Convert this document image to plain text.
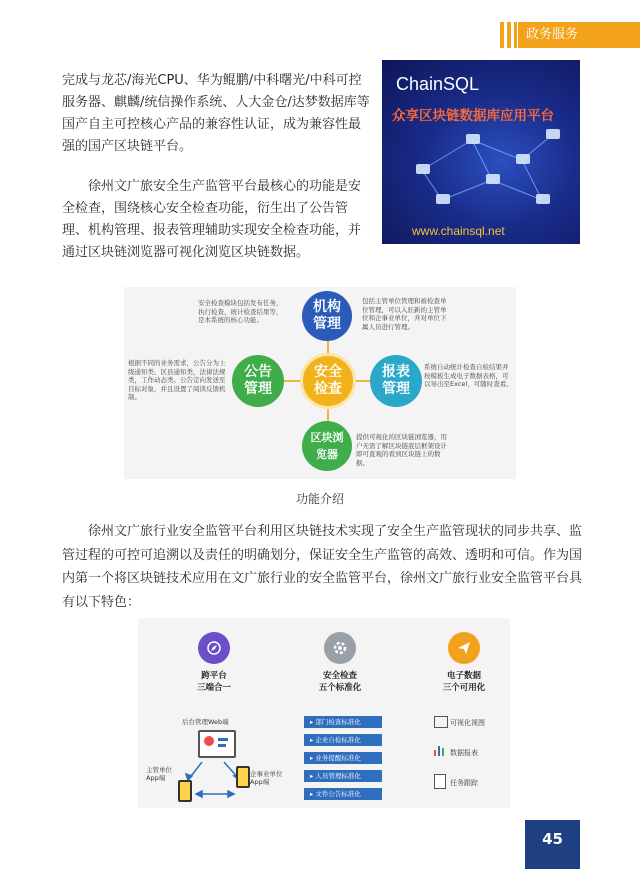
政务服务
完成与龙芯/海光CPU、华为鲲鹏/中科曙光/中科可控服务器、麒麟/统信操作系统、人大金仓/达梦数据库等国产自主可控核心产品的兼容性认证，成为兼容性最强的国产区块链平台。
徐州文广旅安全生产监管平台最核心的功能是安全检查，围绕核心安全检查功能，衍生出了公告管理、机构管理、报表管理辅助实现安全检查功能，并通过区块链浏览器可视化浏览区块链数据。
ChainSQL
众享区块链数据库应用平台
www.chainsql.net
安全检查模块包括发布任务，执行检查，统计检查结果等，是本系统的核心功能。
包括主管单位管理和被检查单位管理，可以入驻新的主管单位和企事业单位，并对单位下属人员进行管理。
根据不同的业务需求，公告分为上级通知类、区县通知类，法律法规类，工作动态类。公告定向发送至目标对象，并且设置了阅读反馈机制。
系统自动统计检查自检结果并按模板生成电子数据表格，可以导出至Excel，可随时查看。
提供可视化的区块链浏览器，用户无需了解区块链底层框架设计即可直观的看到区块链上的数据。
机构管理
公告管理
安全检查
报表管理
区块浏览器
功能介绍
徐州文广旅行业安全监管平台利用区块链技术实现了安全生产监管现状的同步共享、监管过程的可控可追溯以及责任的明确划分，保证安全生产监管的高效、透明和可信。作为国内第一个将区块链技术应用在文广旅行业的安全监管平台，徐州文广旅行业安全监管平台具有以下特色：
跨平台
三端合一
后台管理Web端
主管单位App端	企事业单位App端
安全检查
五个标准化
▸ 部门检查标准化
▸ 企业自检标准化
▸ 业务提醒标准化
▸ 人员管理标准化
▸ 文件公告标准化
电子数据
三个可用化
可视化视图
数据报表
任务跟踪
45
